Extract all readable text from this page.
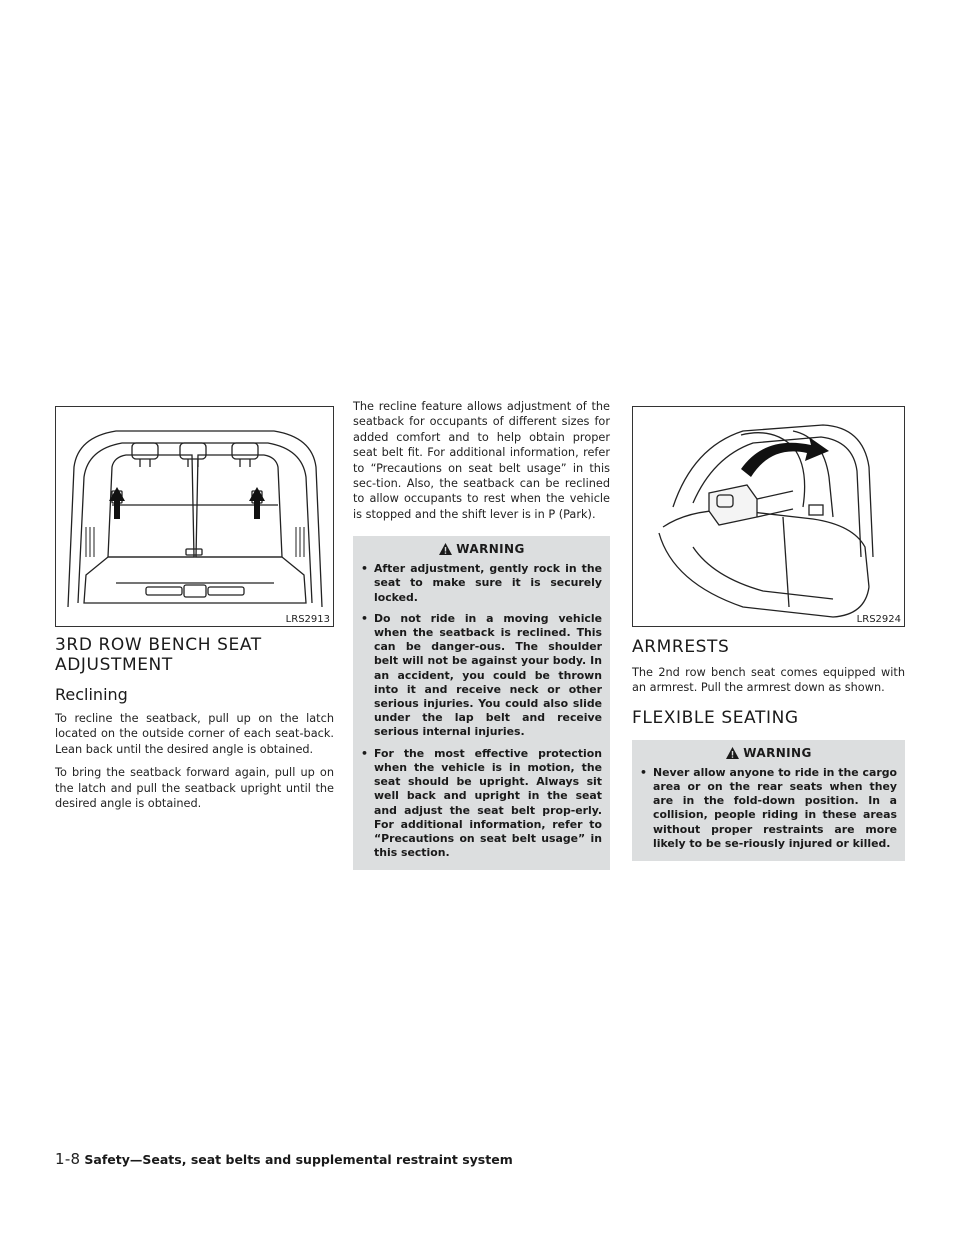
LRS2913
3RD ROW BENCH SEAT
ADJUSTMENT
Reclining

To recline the seatback, pull up on the latch located on the outside corner of each seat-back. Lean back until the desired angle is obtained.

To bring the seatback forward again, pull up on the latch and pull the seatback upright until the desired angle is obtained.

The recline feature allows adjustment of the seatback for occupants of different sizes for added comfort and to help obtain proper seat belt fit. For additional information, refer to “Precautions on seat belt usage” in this sec-tion. Also, the seatback can be reclined to allow occupants to rest when the vehicle is stopped and the shift lever is in P (Park).

WARNING
• After adjustment, gently rock in the seat to make sure it is securely locked.
• Do not ride in a moving vehicle when the seatback is reclined. This can be danger-ous. The shoulder belt will not be against your body. In an accident, you could be thrown into it and receive neck or other serious injuries. You could also slide under the lap belt and receive serious internal injuries.
• For the most effective protection when the vehicle is in motion, the seat should be upright. Always sit well back and upright in the seat and adjust the seat belt prop-erly. For additional information, refer to “Precautions on seat belt usage” in this section.
LRS2924
ARMRESTS

The 2nd row bench seat comes equipped with an armrest. Pull the armrest down as shown.

FLEXIBLE SEATING
WARNING
• Never allow anyone to ride in the cargo area or on the rear seats when they are in the fold-down position. In a collision, people riding in these areas without proper restraints are more likely to be se-riously injured or killed.
1-8 Safety—Seats, seat belts and supplemental restraint system
